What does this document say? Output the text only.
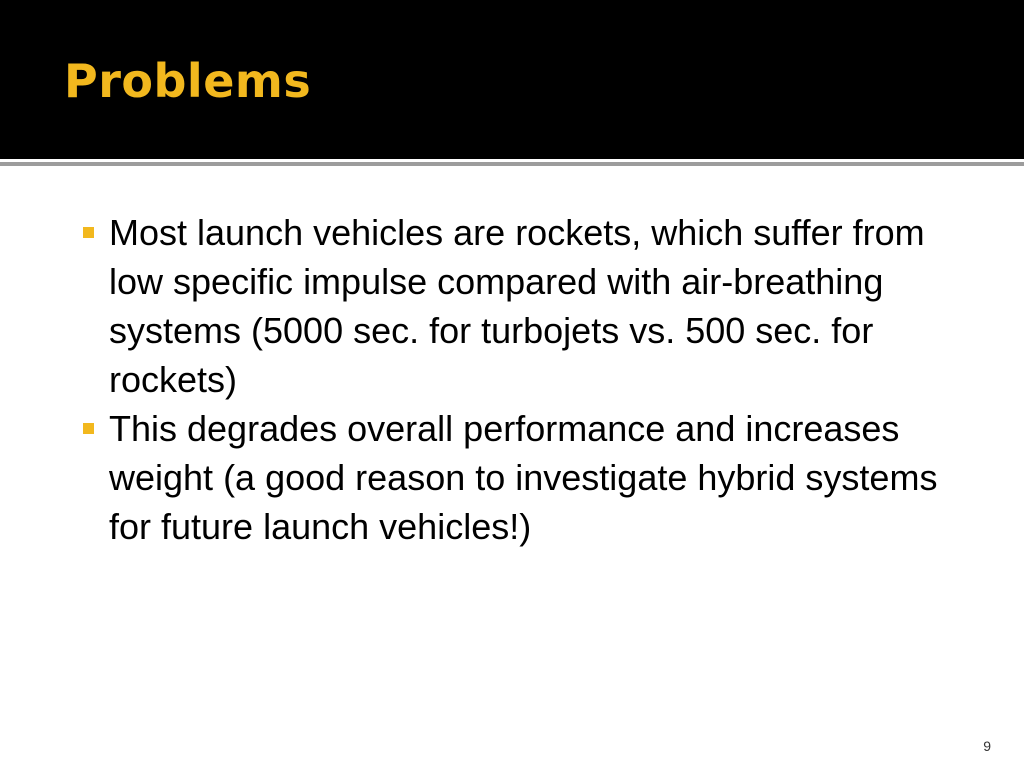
Problems
Most launch vehicles are rockets, which suffer from low specific impulse compared with air-breathing systems (5000 sec. for turbojets vs. 500 sec. for rockets)
This degrades overall performance and increases weight (a good reason to investigate hybrid systems for future launch vehicles!)
9
